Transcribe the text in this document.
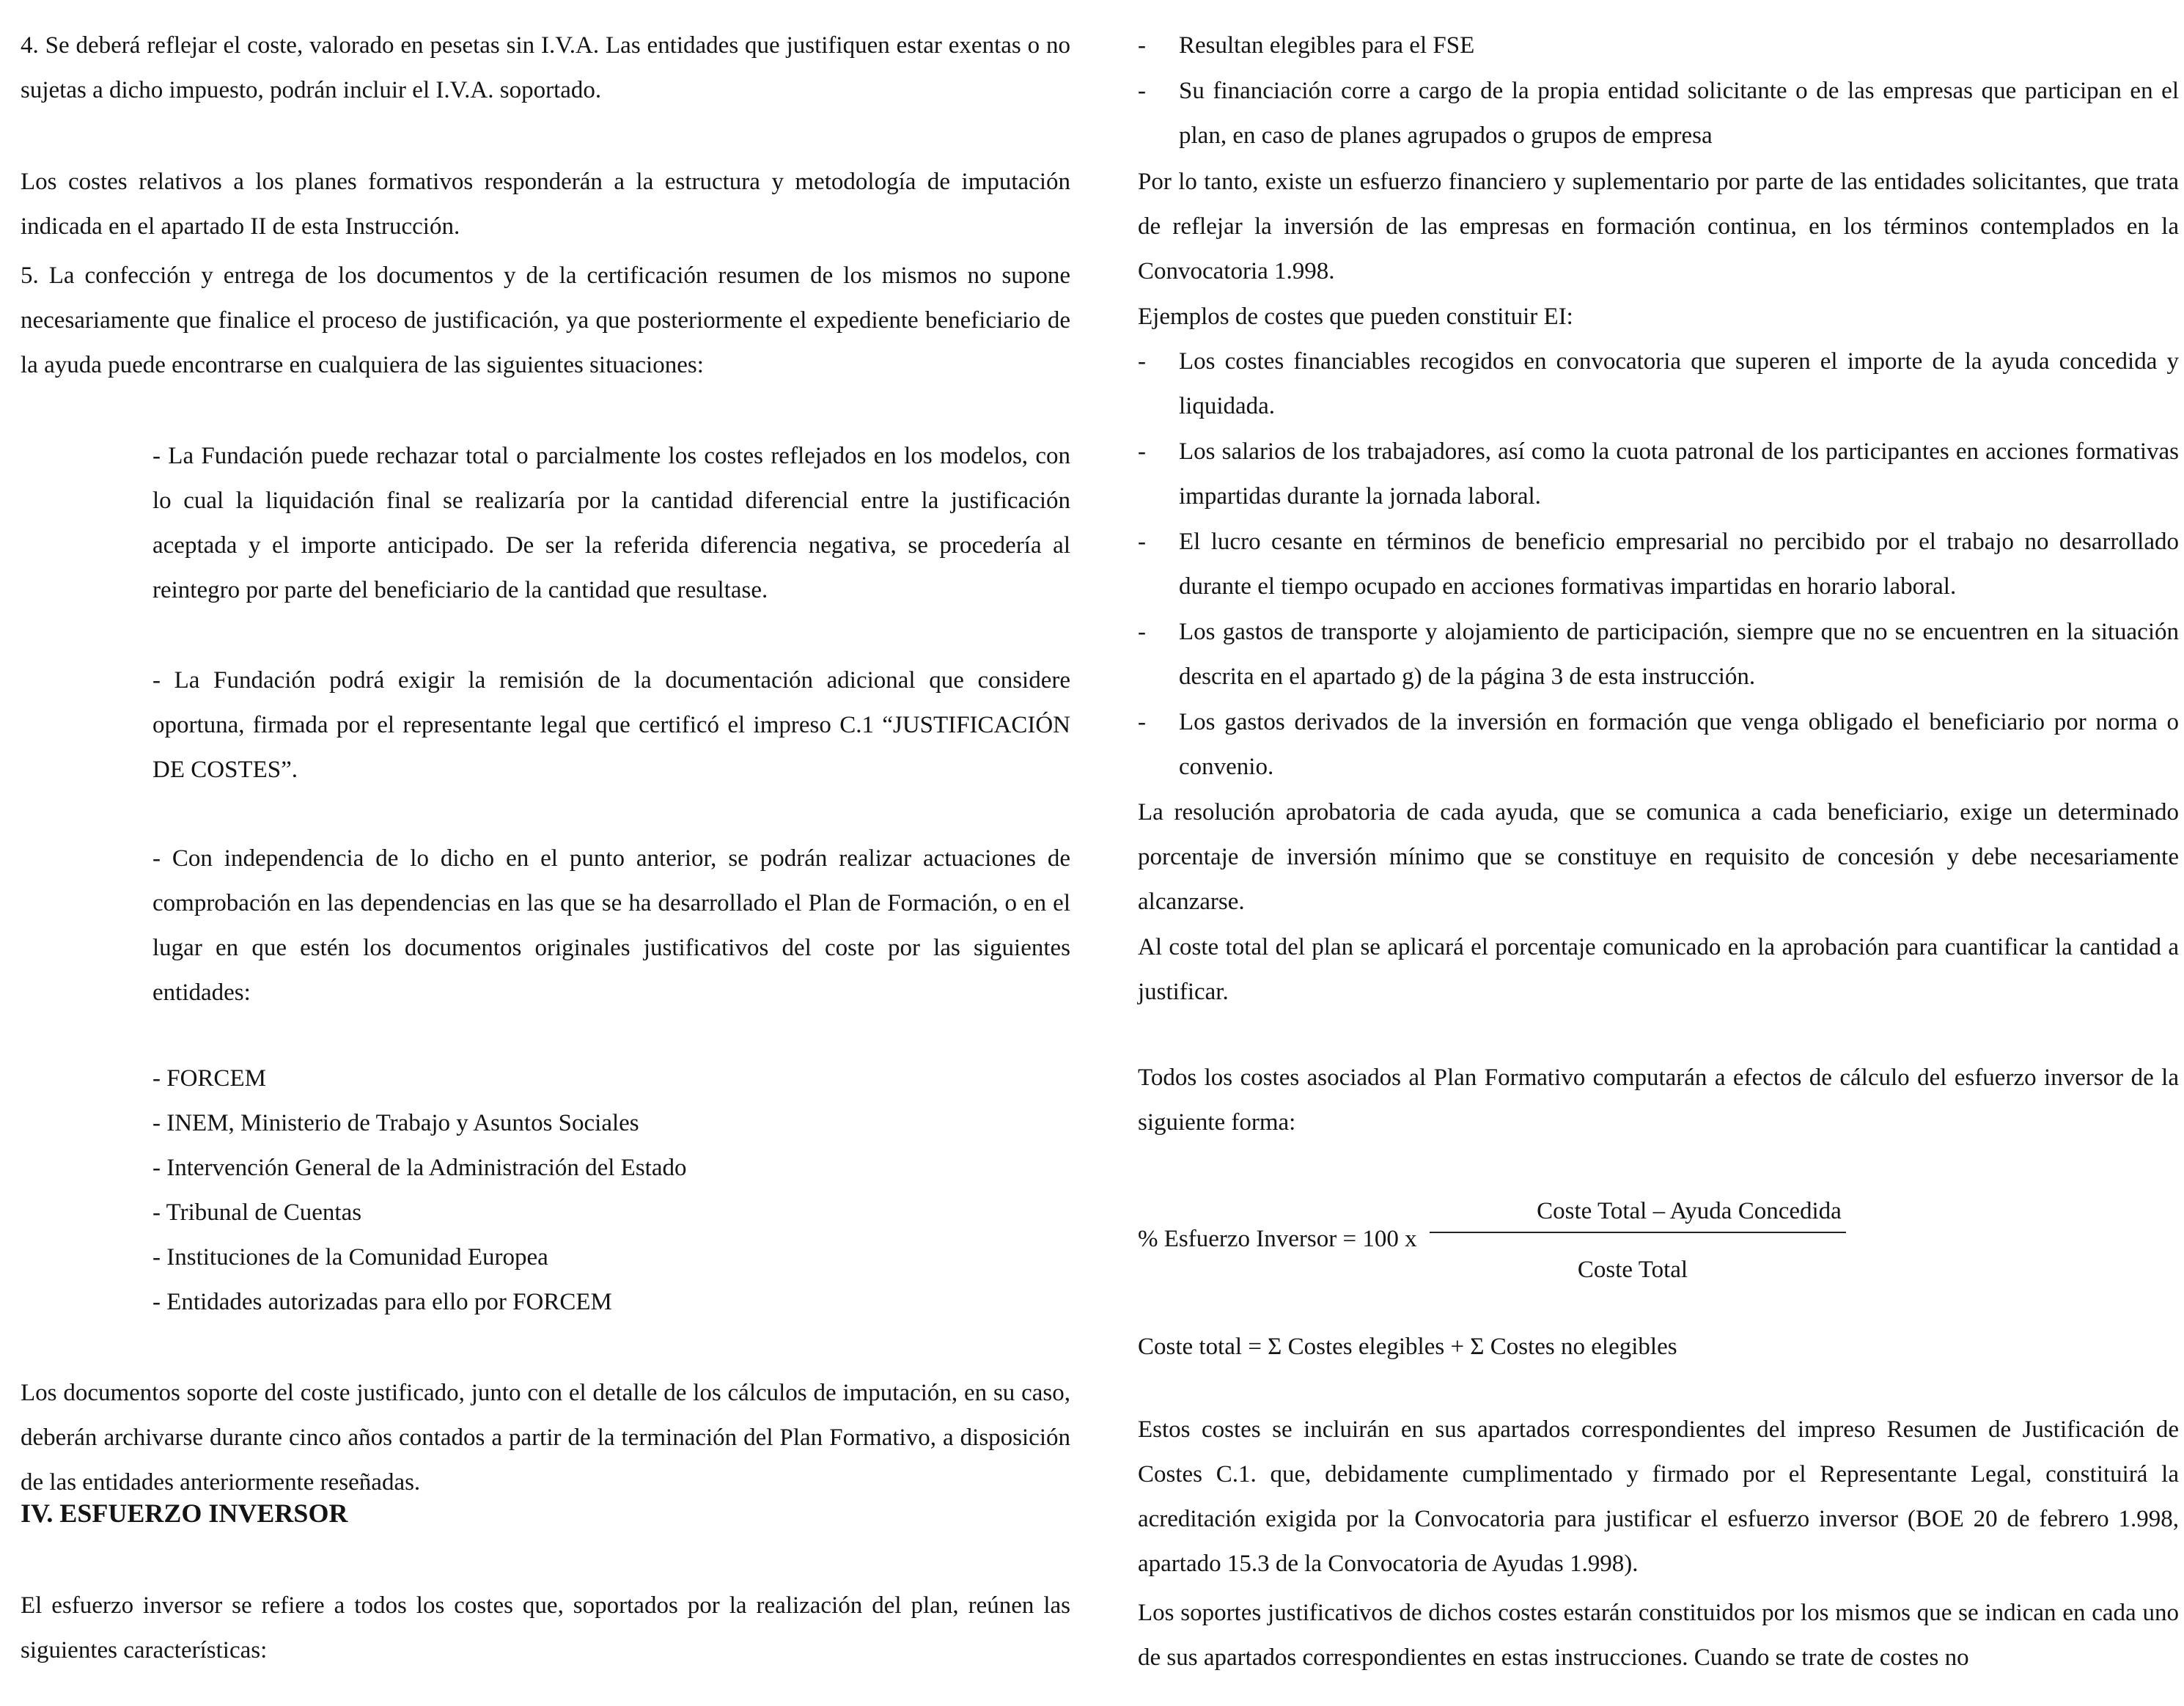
4. Se deberá reflejar el coste, valorado en pesetas sin I.V.A. Las entidades que justifiquen estar exentas o no sujetas a dicho impuesto, podrán incluir el I.V.A. soportado.

Los costes relativos a los planes formativos responderán a la estructura y metodología de imputación indicada en el apartado II de esta Instrucción.

5. La confección y entrega de los documentos y de la certificación resumen de los mismos no supone necesariamente que finalice el proceso de justificación, ya que posteriormente el expediente beneficiario de la ayuda puede encontrarse en cualquiera de las siguientes situaciones:

- La Fundación puede rechazar total o parcialmente los costes reflejados en los modelos, con lo cual la liquidación final se realizaría por la cantidad diferencial entre la justificación aceptada y el importe anticipado. De ser la referida diferencia negativa, se procedería al reintegro por parte del beneficiario de la cantidad que resultase.

- La Fundación podrá exigir la remisión de la documentación adicional que considere oportuna, firmada por el representante legal que certificó el impreso C.1 “JUSTIFICACIÓN DE COSTES”.

- Con independencia de lo dicho en el punto anterior, se podrán realizar actuaciones de comprobación en las dependencias en las que se ha desarrollado el Plan de Formación, o en el lugar en que estén los documentos originales justificativos del coste por las siguientes entidades:

- FORCEM
- INEM, Ministerio de Trabajo y Asuntos Sociales
- Intervención General de la Administración del Estado
- Tribunal de Cuentas
- Instituciones de la Comunidad Europea
- Entidades autorizadas para ello por FORCEM

Los documentos soporte del coste justificado, junto con el detalle de los cálculos de imputación, en su caso, deberán archivarse durante cinco años contados a partir de la terminación del Plan Formativo, a disposición de las entidades anteriormente reseñadas.

IV. ESFUERZO INVERSOR

El esfuerzo inversor se refiere a todos los costes que, soportados por la realización del plan, reúnen las siguientes características:

- Resultan elegibles para el FSE
- Su financiación corre a cargo de la propia entidad solicitante o de las empresas que participan en el plan, en caso de planes agrupados o grupos de empresa

Por lo tanto, existe un esfuerzo financiero y suplementario por parte de las entidades solicitantes, que trata de reflejar la inversión de las empresas en formación continua, en los términos contemplados en la Convocatoria 1.998.

Ejemplos de costes que pueden constituir EI:

- Los costes financiables recogidos en convocatoria que superen el importe de la ayuda concedida y liquidada.
- Los salarios de los trabajadores, así como la cuota patronal de los participantes en acciones formativas impartidas durante la jornada laboral.
- El lucro cesante en términos de beneficio empresarial no percibido por el trabajo no desarrollado durante el tiempo ocupado en acciones formativas impartidas en horario laboral.
- Los gastos de transporte y alojamiento de participación, siempre que no se encuentren en la situación descrita en el apartado g) de la página 3 de esta instrucción.
- Los gastos derivados de la inversión en formación que venga obligado el beneficiario por norma o convenio.

La resolución aprobatoria de cada ayuda, que se comunica a cada beneficiario, exige un determinado porcentaje de inversión mínimo que se constituye en requisito de concesión y debe necesariamente alcanzarse.

Al coste total del plan se aplicará el porcentaje comunicado en la aprobación para cuantificar la cantidad a justificar.

Todos los costes asociados al Plan Formativo computarán a efectos de cálculo del esfuerzo inversor de la siguiente forma:

% Esfuerzo Inversor = 100 x
Coste Total – Ayuda Concedida
Coste Total
Coste total = Σ Costes elegibles + Σ Costes no elegibles

Estos costes se incluirán en sus apartados correspondientes del impreso Resumen de Justificación de Costes C.1. que, debidamente cumplimentado y firmado por el Representante Legal, constituirá la acreditación exigida por la Convocatoria para justificar el esfuerzo inversor (BOE 20 de febrero 1.998, apartado 15.3 de la Convocatoria de Ayudas 1.998).

Los soportes justificativos de dichos costes estarán constituidos por los mismos que se indican en cada uno de sus apartados correspondientes en estas instrucciones. Cuando se trate de costes no
